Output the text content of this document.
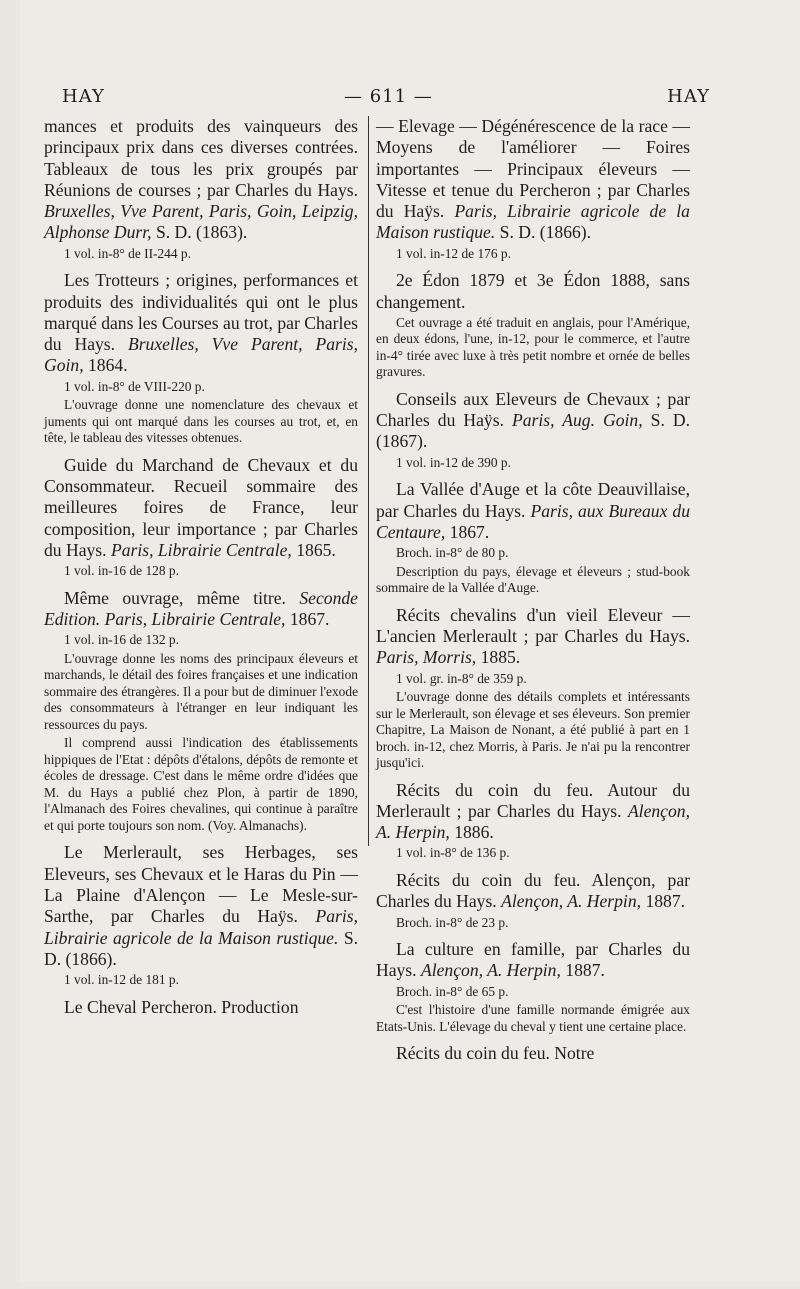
HAY	— 611 —	HAY

mances et produits des vainqueurs des principaux prix dans ces diverses contrées. Tableaux de tous les prix groupés par Réunions de courses ; par Charles du Hays. Bruxelles, Vve Parent, Paris, Goin, Leipzig, Alphonse Durr, S. D. (1863).

1 vol. in-8° de II-244 p.

Les Trotteurs ; origines, performances et produits des individualités qui ont le plus marqué dans les Courses au trot, par Charles du Hays. Bruxelles, Vve Parent, Paris, Goin, 1864.

1 vol. in-8° de VIII-220 p.

L'ouvrage donne une nomenclature des chevaux et juments qui ont marqué dans les courses au trot, et, en tête, le tableau des vitesses obtenues.

Guide du Marchand de Chevaux et du Consommateur. Recueil sommaire des meilleures foires de France, leur composition, leur importance ; par Charles du Hays. Paris, Librairie Centrale, 1865.

1 vol. in-16 de 128 p.

Même ouvrage, même titre. Seconde Edition. Paris, Librairie Centrale, 1867.

1 vol. in-16 de 132 p.

L'ouvrage donne les noms des principaux éleveurs et marchands, le détail des foires françaises et une indication sommaire des étrangères. Il a pour but de diminuer l'exode des consommateurs à l'étranger en leur indiquant les ressources du pays.

Il comprend aussi l'indication des établissements hippiques de l'Etat : dépôts d'étalons, dépôts de remonte et écoles de dressage. C'est dans le même ordre d'idées que M. du Hays a publié chez Plon, à partir de 1890, l'Almanach des Foires chevalines, qui continue à paraître et qui porte toujours son nom. (Voy. Almanachs).

Le Merlerault, ses Herbages, ses Eleveurs, ses Chevaux et le Haras du Pin — La Plaine d'Alençon — Le Mesle-sur-Sarthe, par Charles du Haÿs. Paris, Librairie agricole de la Maison rustique. S. D. (1866).

1 vol. in-12 de 181 p.

Le Cheval Percheron. Production

— Elevage — Dégénérescence de la race — Moyens de l'améliorer — Foires importantes — Principaux éleveurs — Vitesse et tenue du Percheron ; par Charles du Haÿs. Paris, Librairie agricole de la Maison rustique. S. D. (1866).

1 vol. in-12 de 176 p.

2e Édon 1879 et 3e Édon 1888, sans changement.

Cet ouvrage a été traduit en anglais, pour l'Amérique, en deux édons, l'une, in-12, pour le commerce, et l'autre in-4° tirée avec luxe à très petit nombre et ornée de belles gravures.

Conseils aux Eleveurs de Chevaux ; par Charles du Haÿs. Paris, Aug. Goin, S. D. (1867).

1 vol. in-12 de 390 p.

La Vallée d'Auge et la côte Deauvillaise, par Charles du Hays. Paris, aux Bureaux du Centaure, 1867.

Broch. in-8° de 80 p.

Description du pays, élevage et éleveurs ; stud-book sommaire de la Vallée d'Auge.

Récits chevalins d'un vieil Eleveur — L'ancien Merlerault ; par Charles du Hays. Paris, Morris, 1885.

1 vol. gr. in-8° de 359 p.

L'ouvrage donne des détails complets et intéressants sur le Merlerault, son élevage et ses éleveurs. Son premier Chapitre, La Maison de Nonant, a été publié à part en 1 broch. in-12, chez Morris, à Paris. Je n'ai pu la rencontrer jusqu'ici.

Récits du coin du feu. Autour du Merlerault ; par Charles du Hays. Alençon, A. Herpin, 1886.

1 vol. in-8° de 136 p.

Récits du coin du feu. Alençon, par Charles du Hays. Alençon, A. Herpin, 1887.

Broch. in-8° de 23 p.

La culture en famille, par Charles du Hays. Alençon, A. Herpin, 1887.

Broch. in-8° de 65 p.

C'est l'histoire d'une famille normande émigrée aux Etats-Unis. L'élevage du cheval y tient une certaine place.

Récits du coin du feu. Notre
